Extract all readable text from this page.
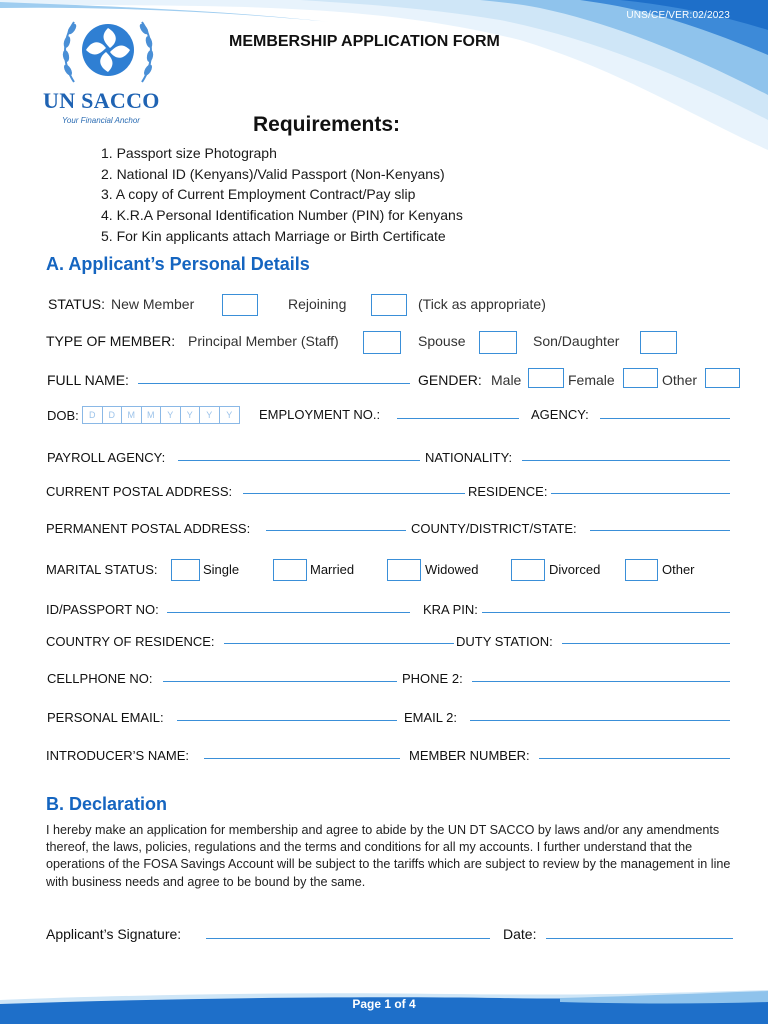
UNS/CE/VER:02/2023
MEMBERSHIP APPLICATION FORM
UN SACCO
Your Financial Anchor	Requirements:
1. Passport size Photograph
2. National ID (Kenyans)/Valid Passport (Non-Kenyans)
3. A copy of Current Employment Contract/Pay slip
4. K.R.A Personal Identification Number (PIN) for Kenyans
5. For Kin applicants attach Marriage or Birth Certificate
A. Applicant’s Personal Details
STATUS: New Member	Rejoining	(Tick as appropriate)
TYPE OF MEMBER: Principal Member (Staff)	Spouse	Son/Daughter
FULL NAME:	GENDER: Male	Female	Other
DOB:	D	D	M	M	Y	Y	Y	Y	EMPLOYMENT NO.:	AGENCY:
PAYROLL AGENCY:	NATIONALITY:
CURRENT POSTAL ADDRESS:	RESIDENCE:
PERMANENT POSTAL ADDRESS:	COUNTY/DISTRICT/STATE:
MARITAL STATUS:	Single	Married	Widowed	Divorced	Other
ID/PASSPORT NO:	KRA PIN:
COUNTRY OF RESIDENCE:	DUTY STATION:
CELLPHONE NO:	PHONE 2:
PERSONAL EMAIL:	EMAIL 2:
INTRODUCER’S NAME:	MEMBER NUMBER:
B. Declaration
I hereby make an application for membership and agree to abide by the UN DT SACCO by laws and/or any amendments thereof, the laws, policies, regulations and the terms and conditions for all my accounts. I further understand that the operations of the FOSA Savings Account will be subject to the tariffs which are subject to review by the management in line with business needs and agree to be bound by the same.
Applicant’s Signature:	Date:
Page 1 of 4
